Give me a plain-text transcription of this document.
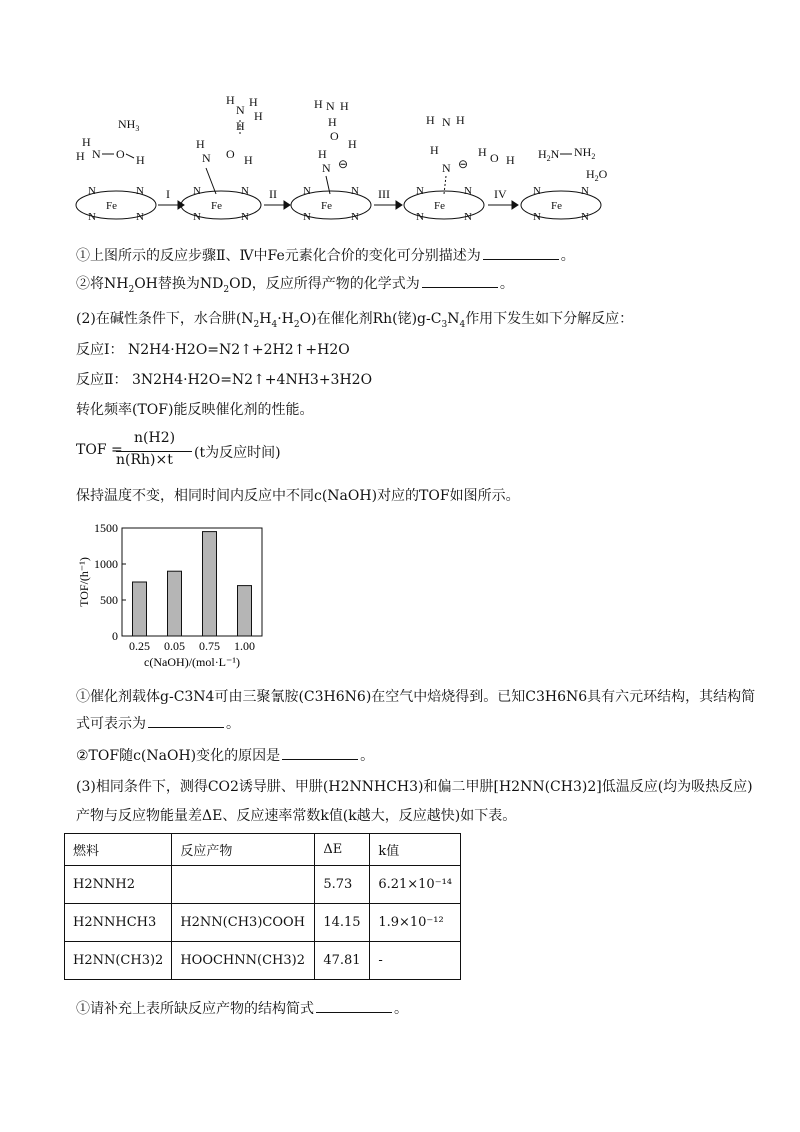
$NH_3$
H
H N O H
H
N
H
H
H
H
N O H
H N H
H
O
H
H
N ⊖
H N H
H
N ⊖
H O H $H_2N$ $NH_2$
$H_2O$
Fe	Fe	Fe	Fe	Fe
N	N
N	N
N	N
N	N
N	N
N	N
N	N
N	N
N	N
N	N
I	II	III	IV
①上图所示的反应步骤Ⅱ、Ⅳ中Fe元素化合价的变化可分别描述为	。
②将$NH_2OH$替换为$ND_2OD$，反应所得产物的化学式为	。
(2)在碱性条件下，水合肼$(N_2H_4\cdot H_2O)$在催化剂Rh(铑)$g-C_3N_4$作用下发生如下分解反应：
反应Ⅰ： N2H4·H2O=N2↑+2H2↑+H2O
反应Ⅱ： 3N2H4·H2O=N2↑+4NH3+3H2O
转化频率(TOF)能反映催化剂的性能。
TOF =
n(H2)
n(Rh)×t (t为反应时间)
保持温度不变，相同时间内反应中不同c(NaOH)对应的TOF如图所示。
1500
1000
500
0
0.25 0.05 0.75 1.00
c(NaOH)/(mol·L⁻¹)
TOF/(h⁻¹)
①催化剂载体g-C3N4可由三聚氰胺(C3H6N6)在空气中焙烧得到。已知C3H6N6具有六元环结构，其结构简
式可表示为	。
②TOF随c(NaOH)变化的原因是	。
(3)相同条件下，测得CO2诱导肼、甲肼(H2NNHCH3)和偏二甲肼[H2NN(CH3)2]低温反应(均为吸热反应)
产物与反应物能量差ΔE、反应速率常数k值(k越大，反应越快)如下表。
燃料	反应产物	ΔE	k值
H2NNH2		5.73	6.21×10⁻¹⁴
H2NNHCH3	H2NN(CH3)COOH	14.15	1.9×10⁻¹²
H2NN(CH3)2	HOOCHNN(CH3)2	47.81	-
①请补充上表所缺反应产物的结构简式	。
